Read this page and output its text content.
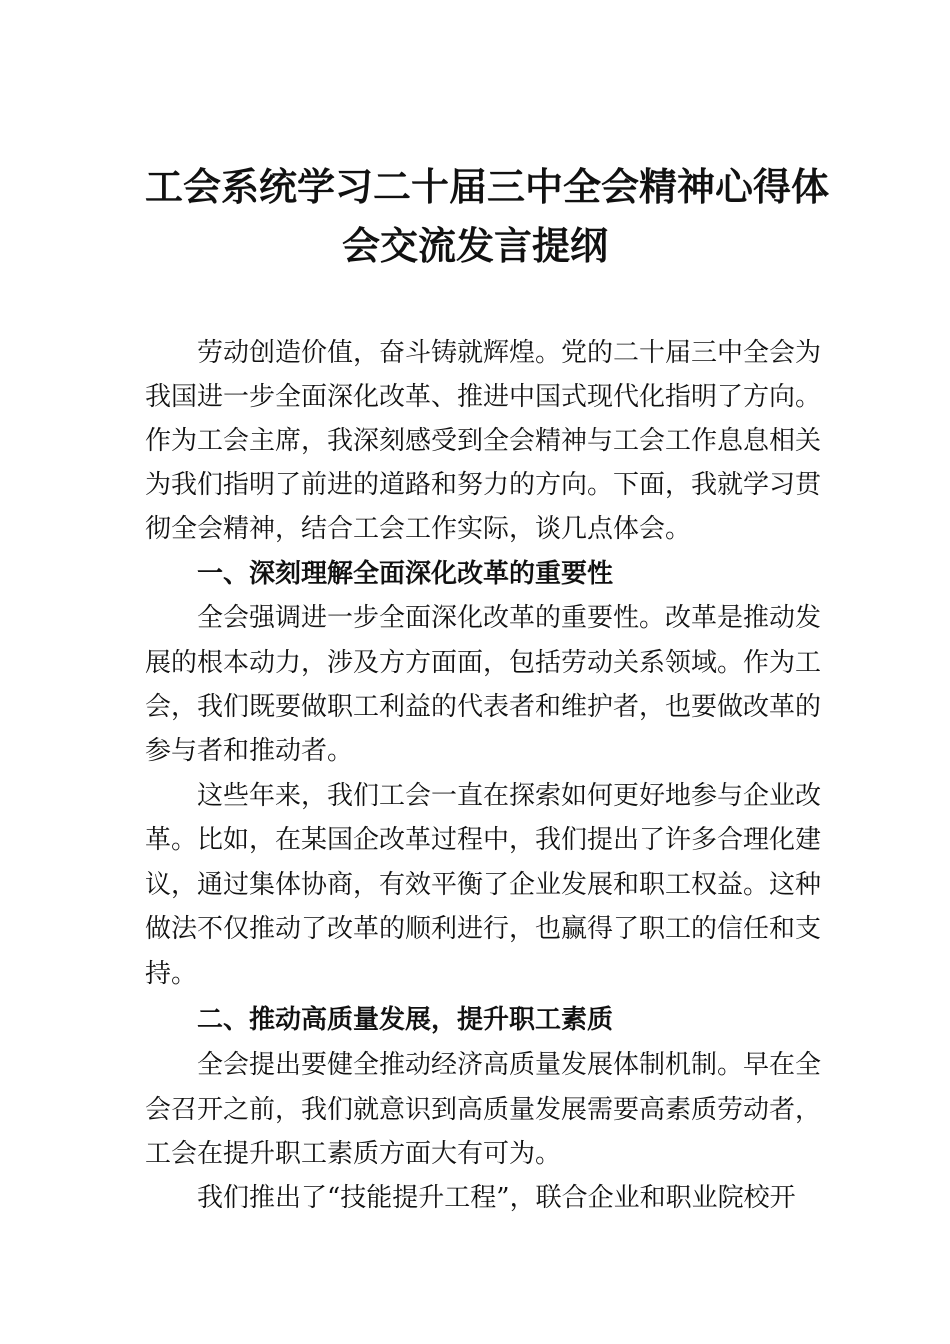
工会系统学习二十届三中全会精神心得体
会交流发言提纲
劳动创造价值，奋斗铸就辉煌。党的二十届三中全会为
我国进一步全面深化改革、推进中国式现代化指明了方向。
作为工会主席，我深刻感受到全会精神与工会工作息息相关
为我们指明了前进的道路和努力的方向。下面，我就学习贯
彻全会精神，结合工会工作实际，谈几点体会。
一、深刻理解全面深化改革的重要性
全会强调进一步全面深化改革的重要性。改革是推动发
展的根本动力，涉及方方面面，包括劳动关系领域。作为工
会，我们既要做职工利益的代表者和维护者，也要做改革的
参与者和推动者。
这些年来，我们工会一直在探索如何更好地参与企业改
革。比如，在某国企改革过程中，我们提出了许多合理化建
议，通过集体协商，有效平衡了企业发展和职工权益。这种
做法不仅推动了改革的顺利进行，也赢得了职工的信任和支
持。
二、推动高质量发展，提升职工素质
全会提出要健全推动经济高质量发展体制机制。早在全
会召开之前，我们就意识到高质量发展需要高素质劳动者，
工会在提升职工素质方面大有可为。
我们推出了“技能提升工程”，联合企业和职业院校开
